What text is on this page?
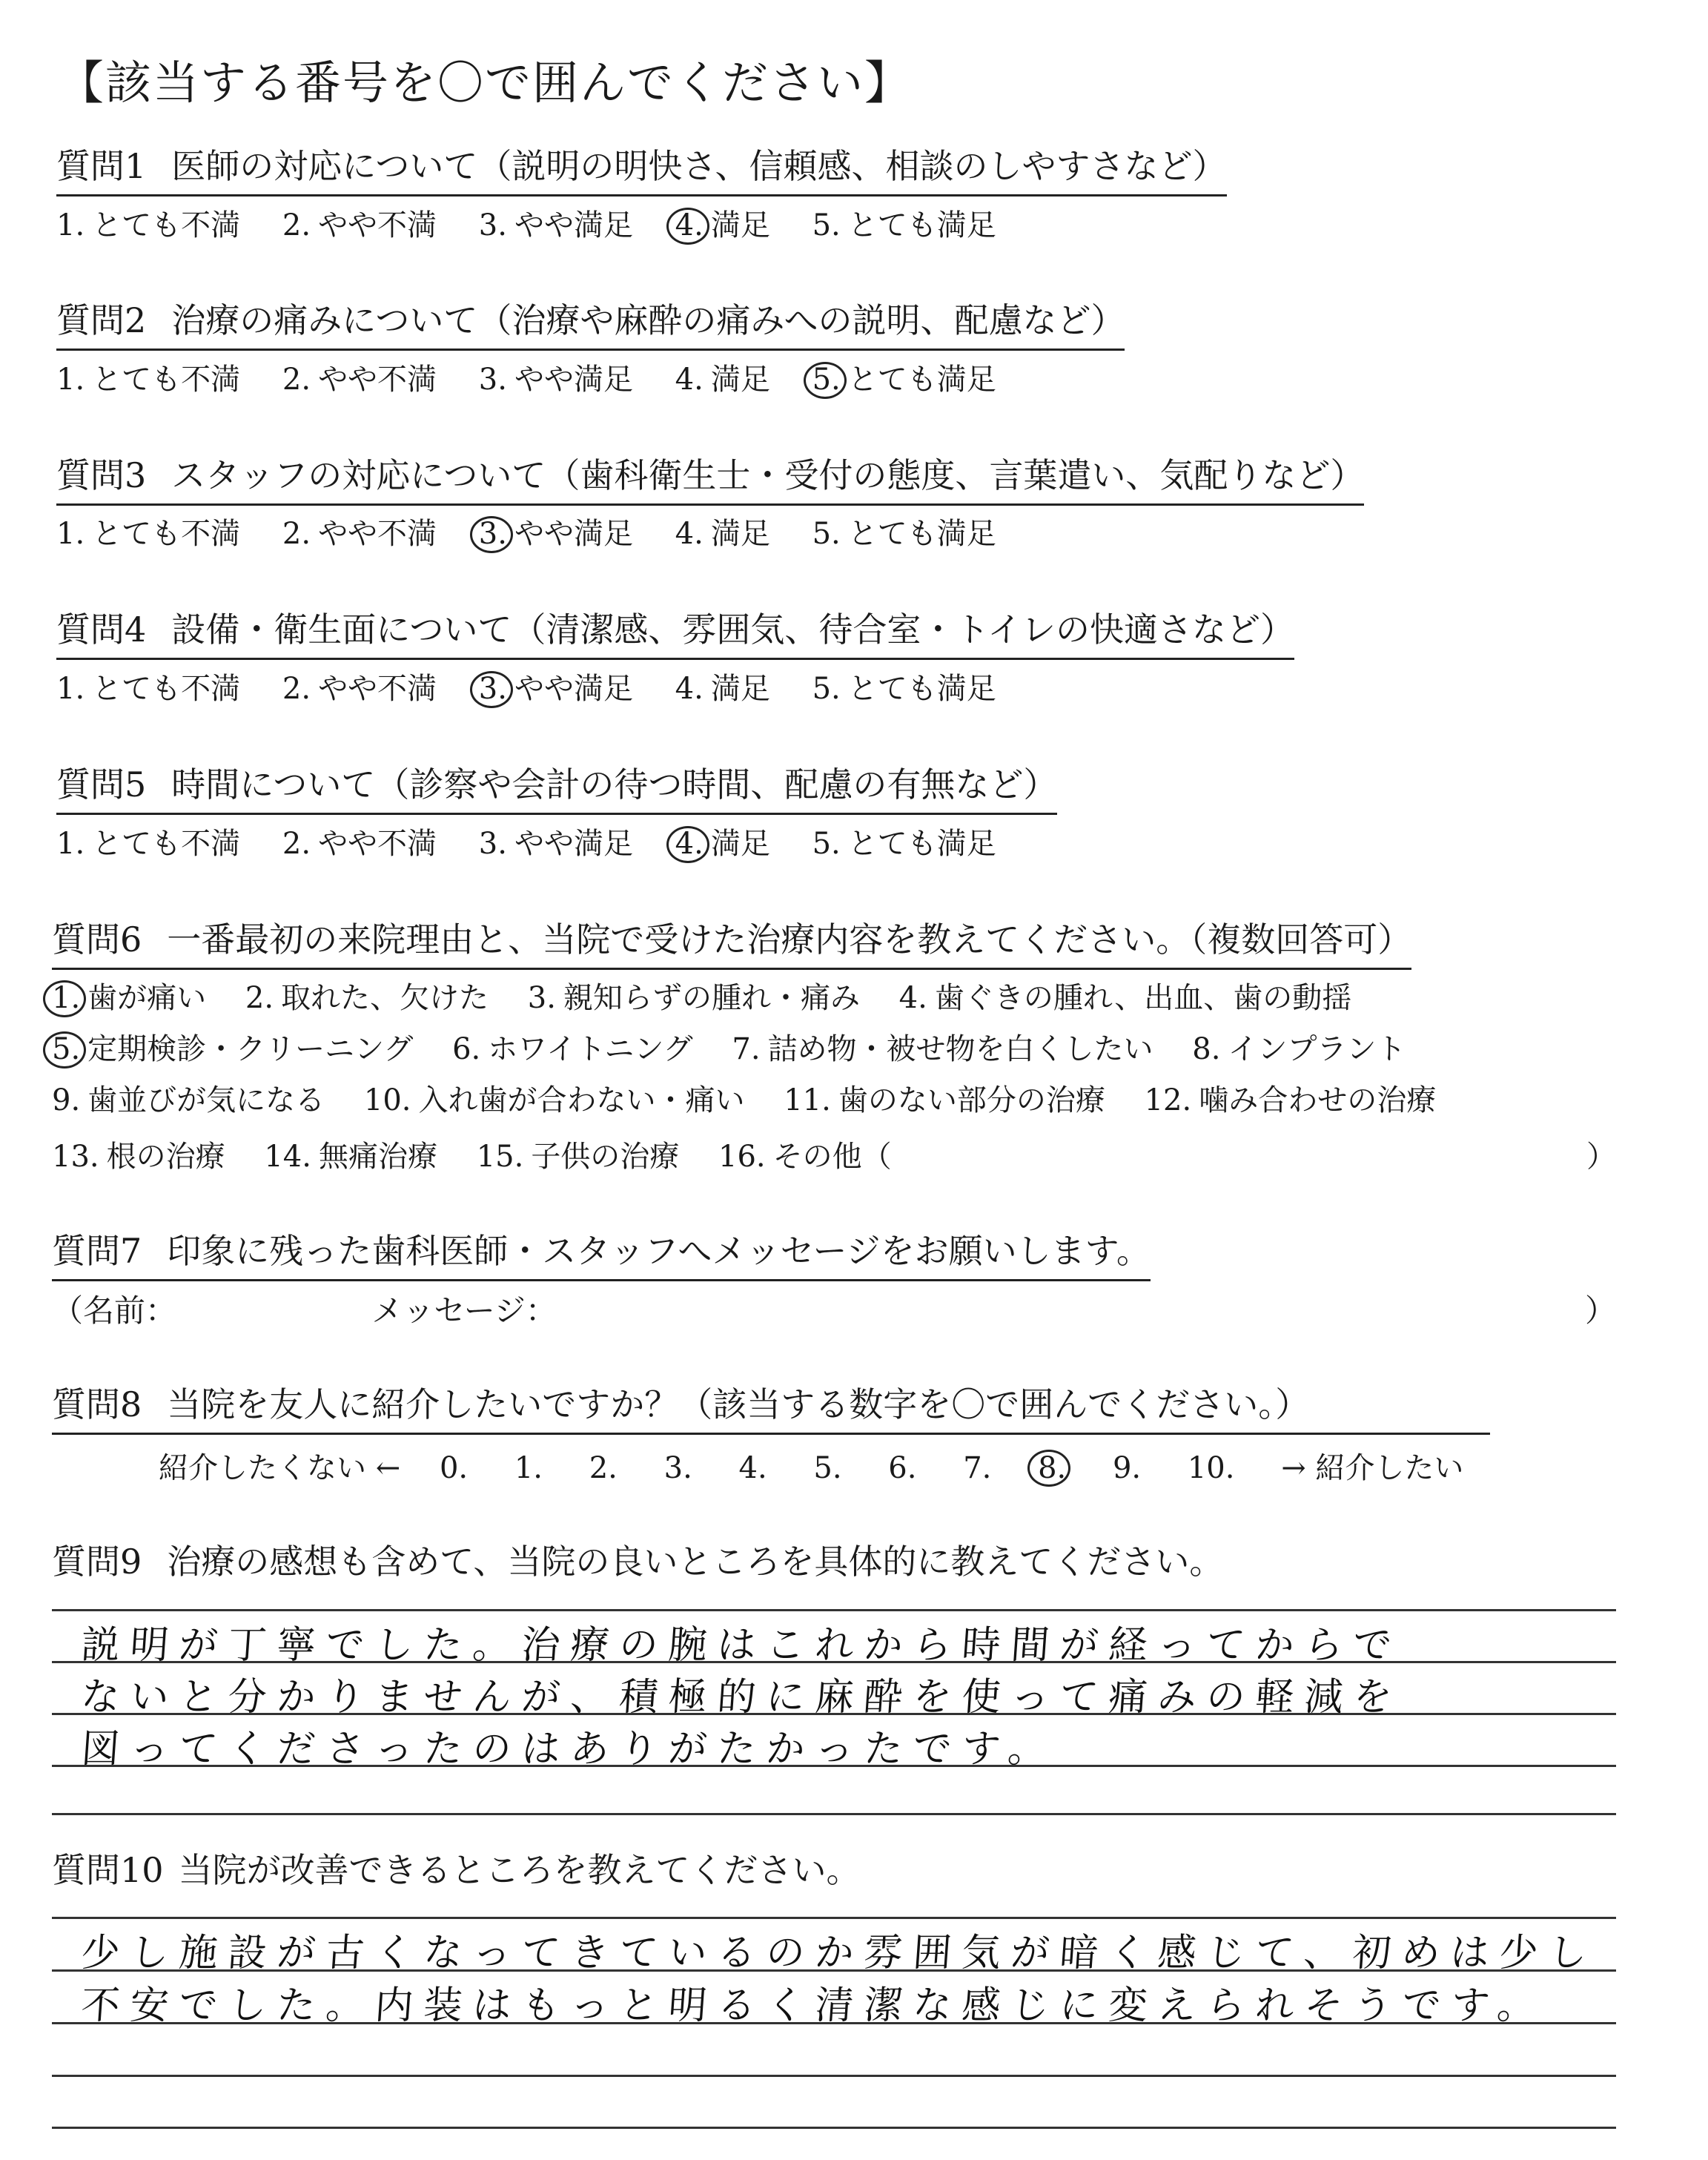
【該当する番号を〇で囲んでください】
質問1 医師の対応について（説明の明快さ、信頼感、相談のしやすさなど）
1. とても不満 2. やや不満 3. やや満足 4. 満足 5. とても満足
質問2 治療の痛みについて（治療や麻酔の痛みへの説明、配慮など）
1. とても不満 2. やや不満 3. やや満足 4. 満足 5. とても満足
質問3 スタッフの対応について（歯科衛生士・受付の態度、言葉遣い、気配りなど）
1. とても不満 2. やや不満 3. やや満足 4. 満足 5. とても満足
質問4 設備・衛生面について（清潔感、雰囲気、待合室・トイレの快適さなど）
1. とても不満 2. やや不満 3. やや満足 4. 満足 5. とても満足
質問5 時間について（診察や会計の待つ時間、配慮の有無など）
1. とても不満 2. やや不満 3. やや満足 4. 満足 5. とても満足
質問6 一番最初の来院理由と、当院で受けた治療内容を教えてください。（複数回答可）
1. 歯が痛い 2. 取れた、欠けた 3. 親知らずの腫れ・痛み 4. 歯ぐきの腫れ、出血、歯の動揺
5. 定期検診・クリーニング 6. ホワイトニング 7. 詰め物・被せ物を白くしたい 8. インプラント
9. 歯並びが気になる 10. 入れ歯が合わない・痛い 11. 歯のない部分の治療 12. 噛み合わせの治療
13. 根の治療 14. 無痛治療 15. 子供の治療 16. その他（	）
質問7 印象に残った歯科医師・スタッフへメッセージをお願いします。
（名前：	メッセージ：	）
質問8 当院を友人に紹介したいですか？（該当する数字を〇で囲んでください。）
紹介したくない ← 0. 1. 2. 3. 4. 5. 6. 7. 8. 9. 10. → 紹介したい
質問9 治療の感想も含めて、当院の良いところを具体的に教えてください。
説明が丁寧でした。治療の腕はこれから時間が経ってからで
ないと分かりませんが、積極的に麻酔を使って痛みの軽減を
図ってくださったのはありがたかったです。
質問10 当院が改善できるところを教えてください。
少し施設が古くなってきているのか雰囲気が暗く感じて、初めは少し
不安でした。内装はもっと明るく清潔な感じに変えられそうです。
